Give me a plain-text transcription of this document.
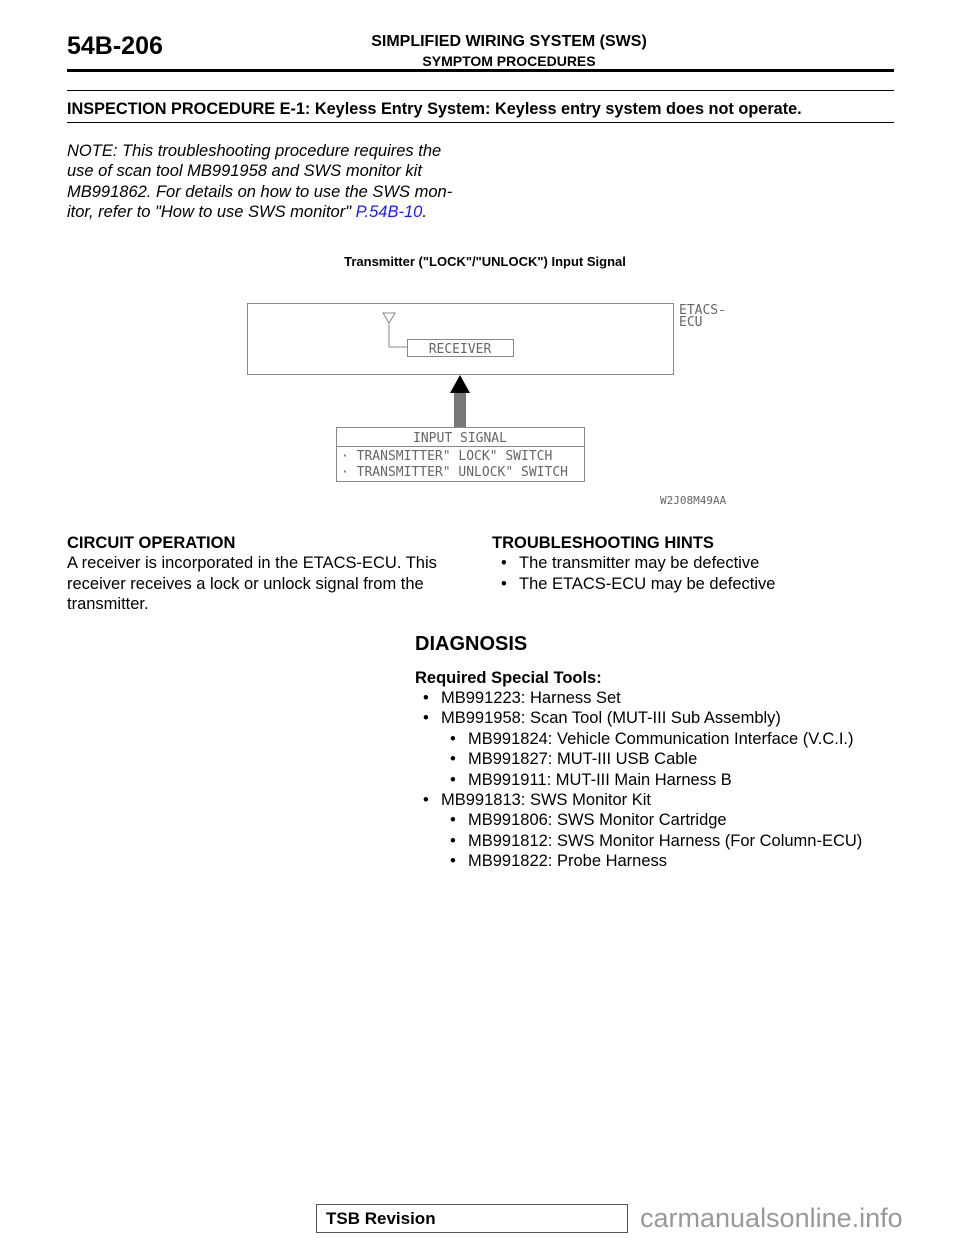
54B-206	SIMPLIFIED WIRING SYSTEM (SWS)
SYMPTOM PROCEDURES
INSPECTION PROCEDURE E-1: Keyless Entry System: Keyless entry system does not operate.
NOTE: This troubleshooting procedure requires the
use of scan tool MB991958 and SWS monitor kit
MB991862. For details on how to use the SWS mon-
itor, refer to "How to use SWS monitor" P.54B-10.
Transmitter ("LOCK"/"UNLOCK") Input Signal
ETACS-
ECU
RECEIVER
INPUT SIGNAL
· TRANSMITTER" LOCK" SWITCH
· TRANSMITTER" UNLOCK" SWITCH
W2J08M49AA
CIRCUIT OPERATION
A receiver is incorporated in the ETACS-ECU. This
receiver receives a lock or unlock signal from the
transmitter.
TROUBLESHOOTING HINTS
• The transmitter may be defective
• The ETACS-ECU may be defective
DIAGNOSIS
Required Special Tools:
• MB991223: Harness Set
• MB991958: Scan Tool (MUT-III Sub Assembly)
• MB991824: Vehicle Communication Interface (V.C.I.)
• MB991827: MUT-III USB Cable
• MB991911: MUT-III Main Harness B
• MB991813: SWS Monitor Kit
• MB991806: SWS Monitor Cartridge
• MB991812: SWS Monitor Harness (For Column-ECU)
• MB991822: Probe Harness
TSB Revision	carmanualsonline.info
